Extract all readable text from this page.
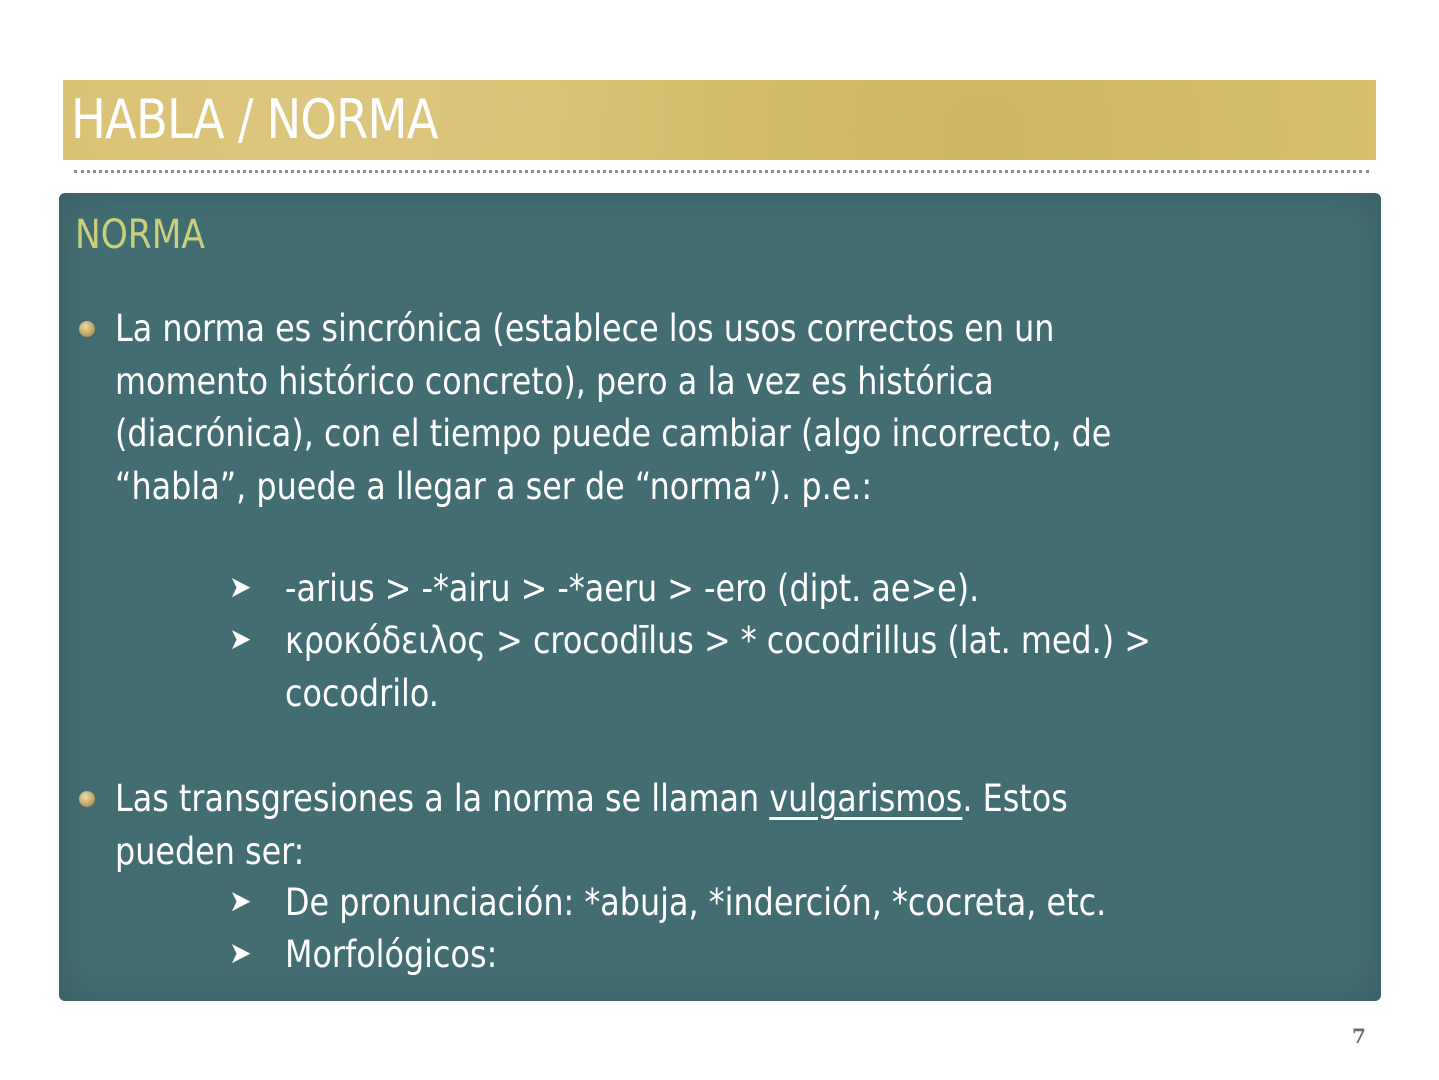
HABLA / NORMA
NORMA
La norma es sincrónica (establece los usos correctos en un
momento histórico concreto), pero a la vez es histórica
(diacrónica), con el tiempo puede cambiar (algo incorrecto, de
“habla”, puede a llegar a ser de “norma”). p.e.:
➤ -arius > -*airu > -*aeru > -ero (dipt. ae>e).
➤ κροκόδειλος > crocodīlus > * cocodrillus (lat. med.) >
cocodrilo.
Las transgresiones a la norma se llaman vulgarismos. Estos
pueden ser:
➤ De pronunciación: *abuja, *inderción, *cocreta, etc.
➤ Morfológicos:
7
